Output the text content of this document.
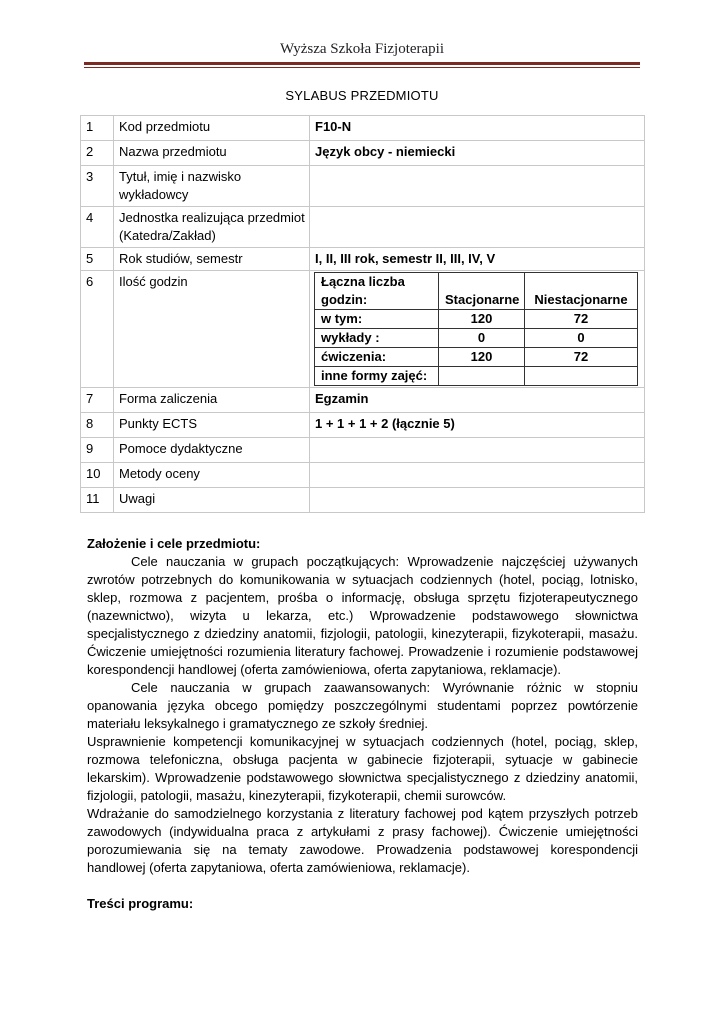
Wyższa Szkoła Fizjoterapii
SYLABUS PRZEDMIOTU
1	Kod przedmiotu	F10-N
2	Nazwa przedmiotu	Język obcy - niemiecki
3	Tytuł, imię i nazwisko wykładowcy	
4	Jednostka realizująca przedmiot (Katedra/Zakład)	
5	Rok studiów, semestr	I, II, III rok, semestr II, III, IV, V
6	Ilość godzin		Łączna liczba godzin:	Stacjonarne	Niestacjonarne
w tym:	120	72
wykłady :	0	0
ćwiczenia:	120	72
inne formy zajęć:		

7	Forma zaliczenia	Egzamin
8	Punkty ECTS	1 + 1 + 1 + 2 (łącznie 5)
9	Pomoce dydaktyczne	
10	Metody oceny	
11	Uwagi	

Założenie i cele przedmiotu:

Cele nauczania w grupach początkujących: Wprowadzenie najczęściej używanych zwrotów potrzebnych do komunikowania w sytuacjach codziennych (hotel, pociąg, lotnisko, sklep, rozmowa z pacjentem, prośba o informację, obsługa sprzętu fizjoterapeutycznego (nazewnictwo), wizyta u lekarza, etc.) Wprowadzenie podstawowego słownictwa specjalistycznego z dziedziny anatomii, fizjologii, patologii, kinezyterapii, fizykoterapii, masażu. Ćwiczenie umiejętności rozumienia literatury fachowej. Prowadzenie i rozumienie podstawowej korespondencji handlowej (oferta zamówieniowa, oferta zapytaniowa, reklamacje).

Cele nauczania w grupach zaawansowanych: Wyrównanie różnic w stopniu opanowania języka obcego pomiędzy poszczególnymi studentami poprzez powtórzenie materiału leksykalnego i gramatycznego ze szkoły średniej.

Usprawnienie kompetencji komunikacyjnej w sytuacjach codziennych (hotel, pociąg, sklep, rozmowa telefoniczna, obsługa pacjenta w gabinecie fizjoterapii, sytuacje w gabinecie lekarskim). Wprowadzenie podstawowego słownictwa specjalistycznego z dziedziny anatomii, fizjologii, patologii, masażu, kinezyterapii, fizykoterapii, chemii surowców.

Wdrażanie do samodzielnego korzystania z literatury fachowej pod kątem przyszłych potrzeb zawodowych (indywidualna praca z artykułami z prasy fachowej). Ćwiczenie umiejętności porozumiewania się na tematy zawodowe. Prowadzenia podstawowej korespondencji handlowej (oferta zapytaniowa, oferta zamówieniowa, reklamacje).

Treści programu:
